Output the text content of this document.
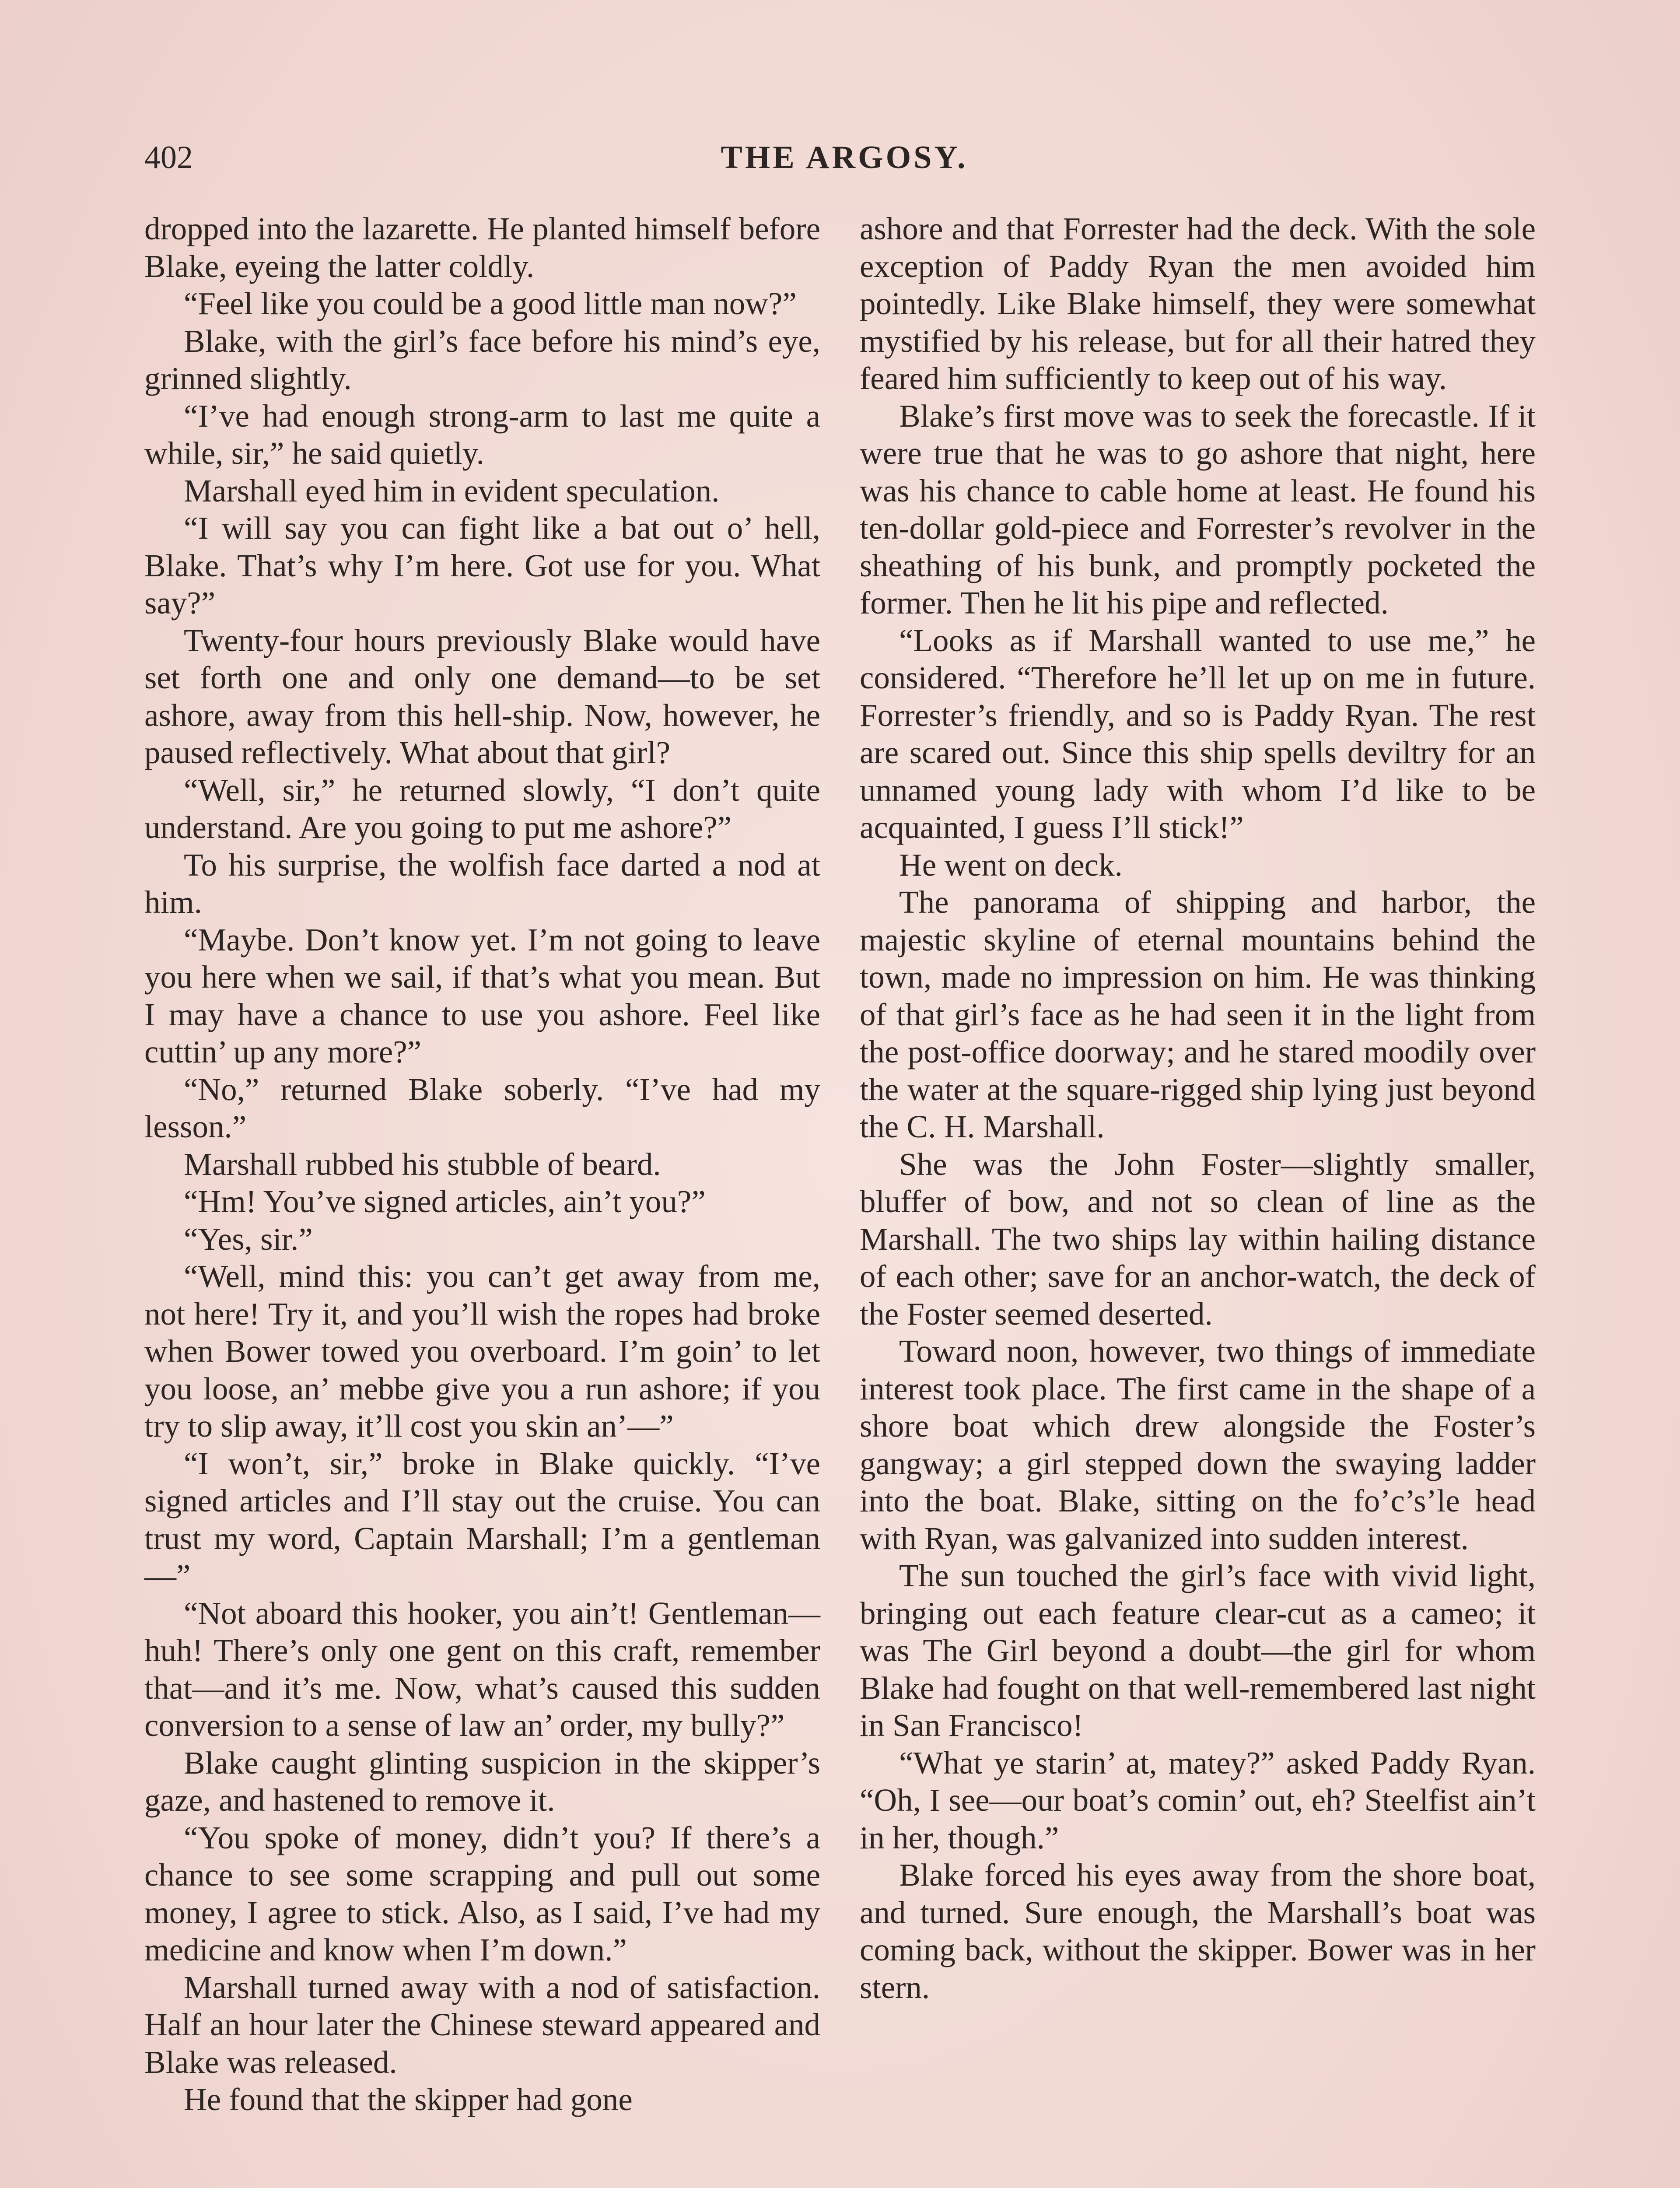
402	THE ARGOSY.

dropped into the lazarette. He planted himself before Blake, eyeing the latter coldly.

“Feel like you could be a good little man now?”

Blake, with the girl’s face before his mind’s eye, grinned slightly.

“I’ve had enough strong-arm to last me quite a while, sir,” he said quietly.

Marshall eyed him in evident speculation.

“I will say you can fight like a bat out o’ hell, Blake. That’s why I’m here. Got use for you. What say?”

Twenty-four hours previously Blake would have set forth one and only one demand—to be set ashore, away from this hell-ship. Now, however, he paused reflectively. What about that girl?

“Well, sir,” he returned slowly, “I don’t quite understand. Are you going to put me ashore?”

To his surprise, the wolfish face darted a nod at him.

“Maybe. Don’t know yet. I’m not going to leave you here when we sail, if that’s what you mean. But I may have a chance to use you ashore. Feel like cuttin’ up any more?”

“No,” returned Blake soberly. “I’ve had my lesson.”

Marshall rubbed his stubble of beard.

“Hm! You’ve signed articles, ain’t you?”

“Yes, sir.”

“Well, mind this: you can’t get away from me, not here! Try it, and you’ll wish the ropes had broke when Bower towed you overboard. I’m goin’ to let you loose, an’ mebbe give you a run ashore; if you try to slip away, it’ll cost you skin an’—”

“I won’t, sir,” broke in Blake quickly. “I’ve signed articles and I’ll stay out the cruise. You can trust my word, Captain Marshall; I’m a gentleman—”

“Not aboard this hooker, you ain’t! Gentleman—huh! There’s only one gent on this craft, remember that—and it’s me. Now, what’s caused this sudden conversion to a sense of law an’ order, my bully?”

Blake caught glinting suspicion in the skipper’s gaze, and hastened to remove it.

“You spoke of money, didn’t you? If there’s a chance to see some scrapping and pull out some money, I agree to stick. Also, as I said, I’ve had my medicine and know when I’m down.”

Marshall turned away with a nod of satisfaction. Half an hour later the Chinese steward appeared and Blake was released.

He found that the skipper had gone

ashore and that Forrester had the deck. With the sole exception of Paddy Ryan the men avoided him pointedly. Like Blake himself, they were somewhat mystified by his release, but for all their hatred they feared him sufficiently to keep out of his way.

Blake’s first move was to seek the forecastle. If it were true that he was to go ashore that night, here was his chance to cable home at least. He found his ten-dollar gold-piece and Forrester’s revolver in the sheathing of his bunk, and promptly pocketed the former. Then he lit his pipe and reflected.

“Looks as if Marshall wanted to use me,” he considered. “Therefore he’ll let up on me in future. Forrester’s friendly, and so is Paddy Ryan. The rest are scared out. Since this ship spells deviltry for an unnamed young lady with whom I’d like to be acquainted, I guess I’ll stick!”

He went on deck.

The panorama of shipping and harbor, the majestic skyline of eternal mountains behind the town, made no impression on him. He was thinking of that girl’s face as he had seen it in the light from the post-office doorway; and he stared moodily over the water at the square-rigged ship lying just beyond the C. H. Marshall.

She was the John Foster—slightly smaller, bluffer of bow, and not so clean of line as the Marshall. The two ships lay within hailing distance of each other; save for an anchor-watch, the deck of the Foster seemed deserted.

Toward noon, however, two things of immediate interest took place. The first came in the shape of a shore boat which drew alongside the Foster’s gangway; a girl stepped down the swaying ladder into the boat. Blake, sitting on the fo’c’s’le head with Ryan, was galvanized into sudden interest.

The sun touched the girl’s face with vivid light, bringing out each feature clear-cut as a cameo; it was The Girl beyond a doubt—the girl for whom Blake had fought on that well-remembered last night in San Francisco!

“What ye starin’ at, matey?” asked Paddy Ryan. “Oh, I see—our boat’s comin’ out, eh? Steelfist ain’t in her, though.”

Blake forced his eyes away from the shore boat, and turned. Sure enough, the Marshall’s boat was coming back, without the skipper. Bower was in her stern.
